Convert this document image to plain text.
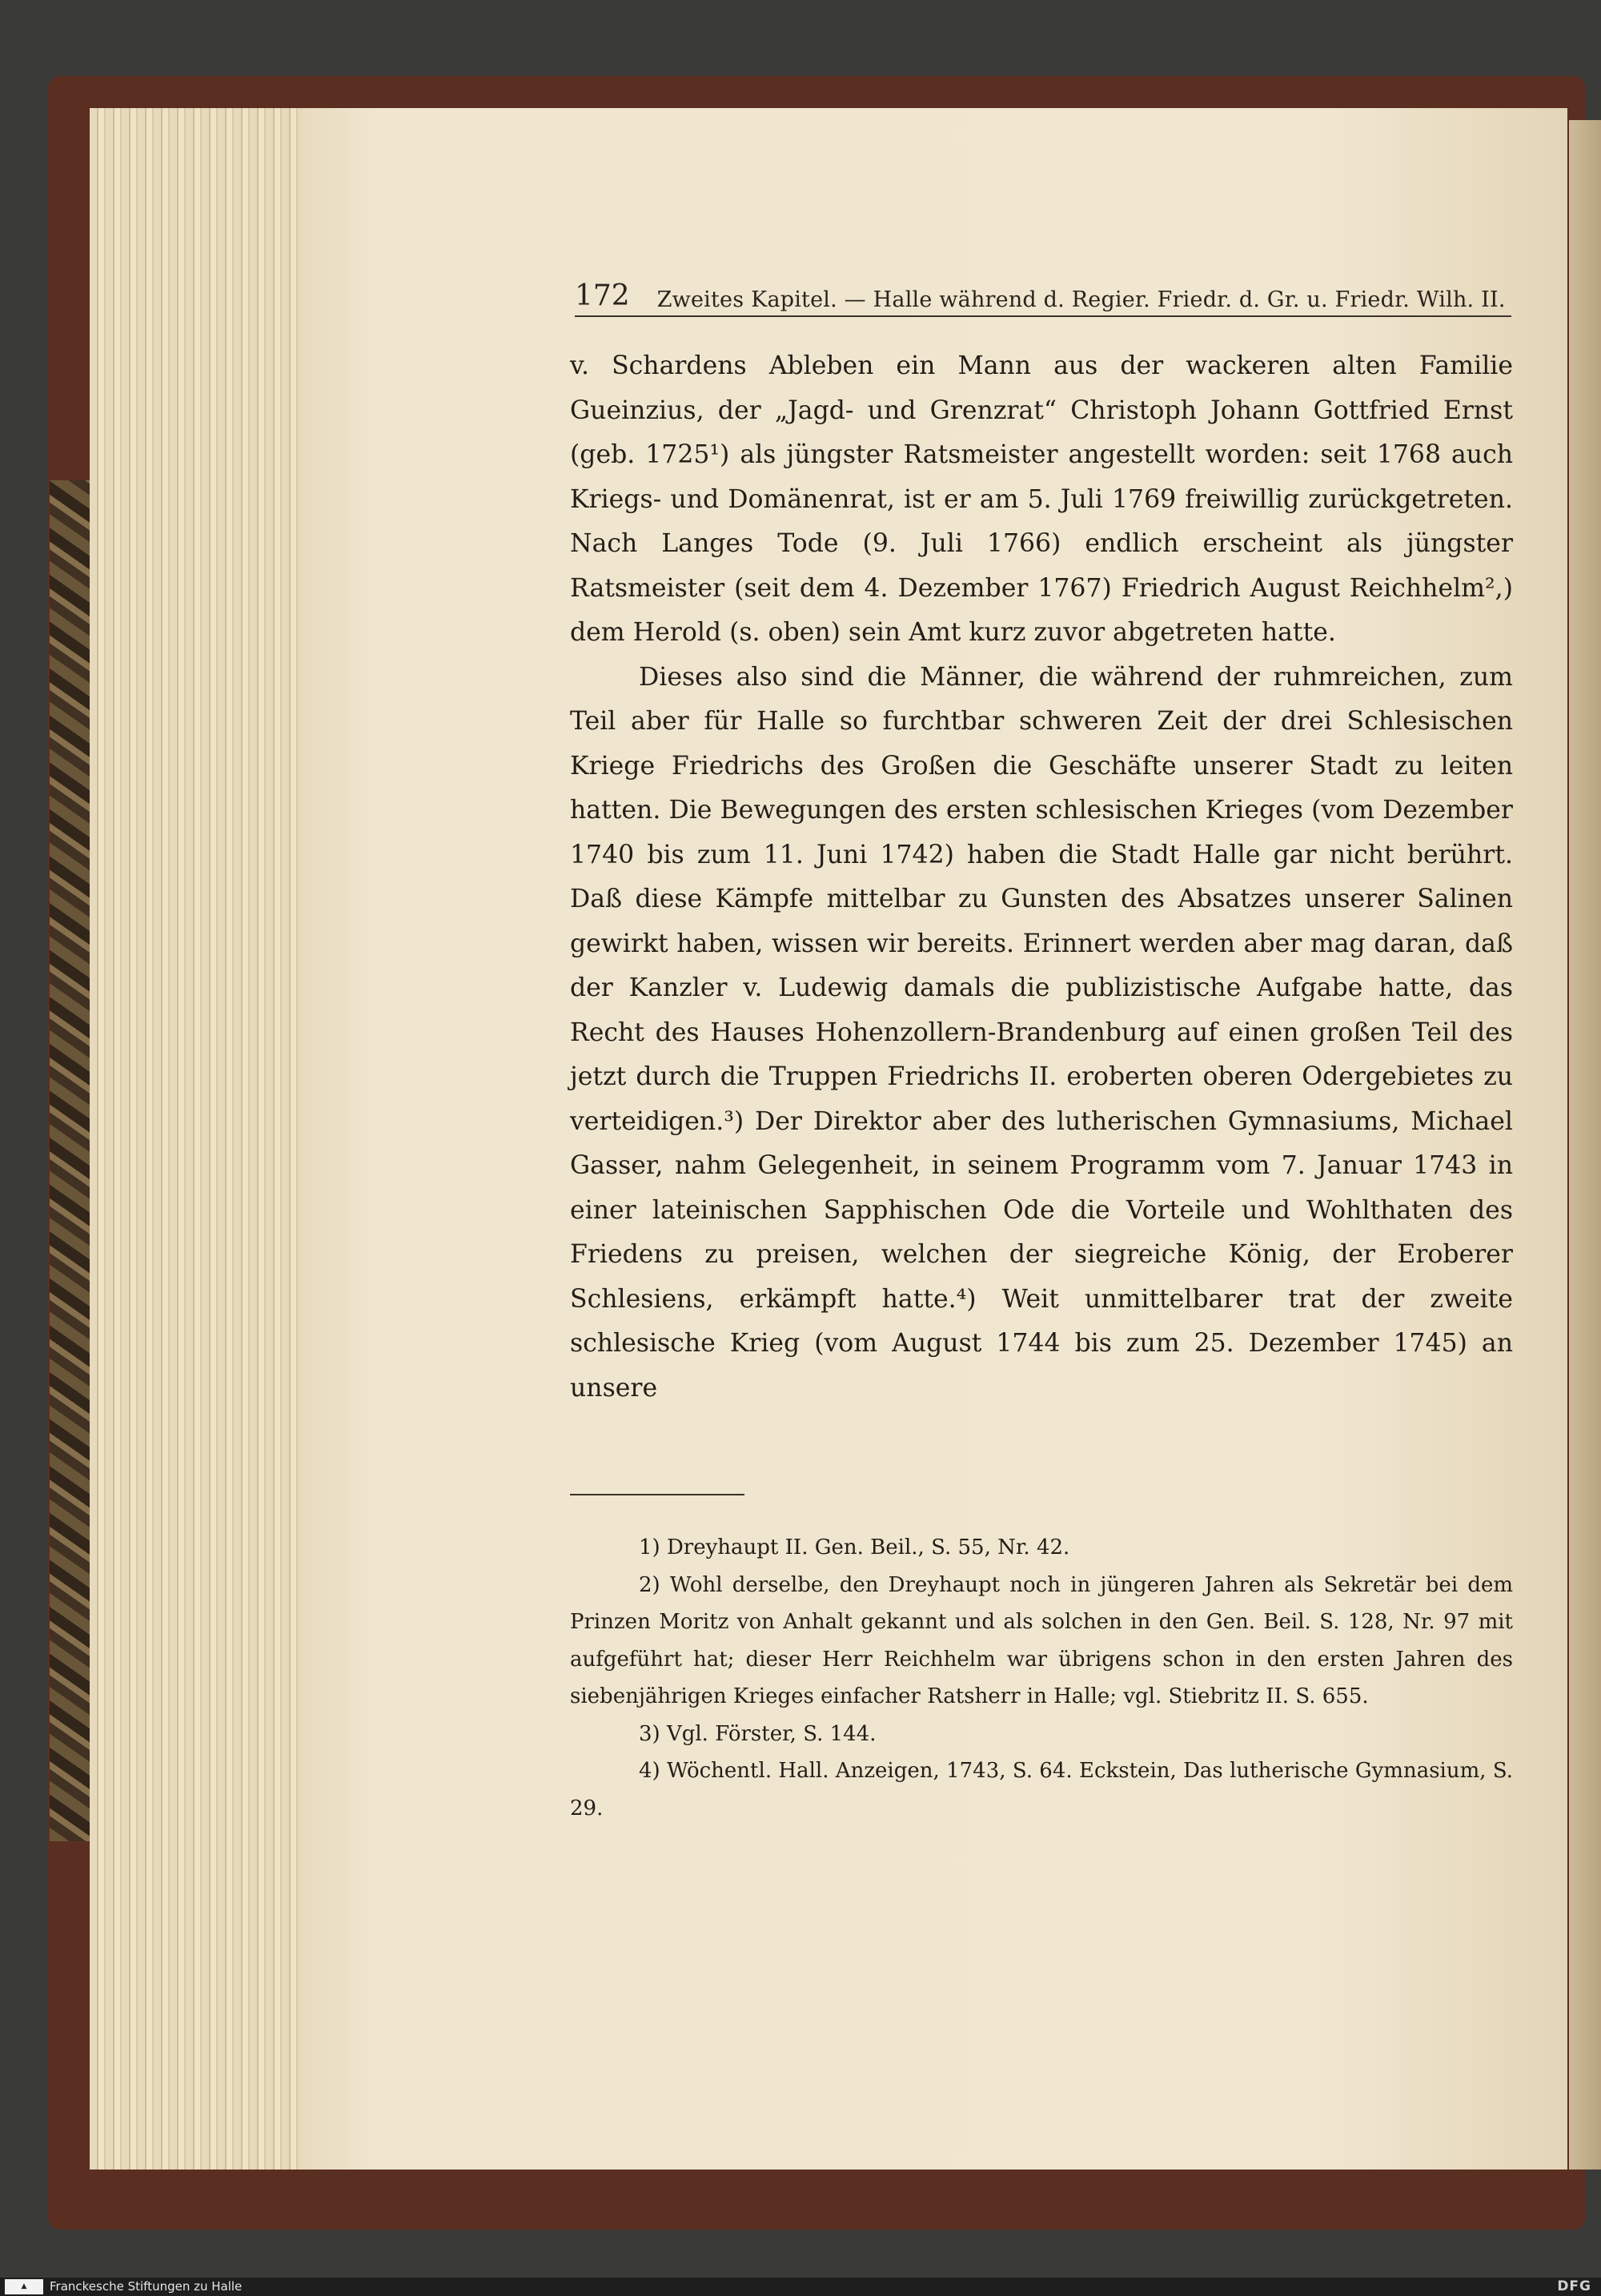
172 Zweites Kapitel. — Halle während d. Regier. Friedr. d. Gr. u. Friedr. Wilh. II.

v. Schardens Ableben ein Mann aus der wackeren alten Familie Gueinzius, der „Jagd- und Grenzrat“ Christoph Johann Gottfried Ernst (geb. 1725¹) als jüngster Ratsmeister angestellt worden: seit 1768 auch Kriegs- und Domänenrat, ist er am 5. Juli 1769 freiwillig zurückgetreten. Nach Langes Tode (9. Juli 1766) endlich erscheint als jüngster Ratsmeister (seit dem 4. Dezember 1767) Friedrich August Reichhelm²,) dem Herold (s. oben) sein Amt kurz zuvor abgetreten hatte.

Dieses also sind die Männer, die während der ruhmreichen, zum Teil aber für Halle so furchtbar schweren Zeit der drei Schlesischen Kriege Friedrichs des Großen die Geschäfte unserer Stadt zu leiten hatten. Die Bewegungen des ersten schlesischen Krieges (vom Dezember 1740 bis zum 11. Juni 1742) haben die Stadt Halle gar nicht berührt. Daß diese Kämpfe mittelbar zu Gunsten des Absatzes unserer Salinen gewirkt haben, wissen wir bereits. Erinnert werden aber mag daran, daß der Kanzler v. Ludewig damals die publizistische Aufgabe hatte, das Recht des Hauses Hohenzollern-Brandenburg auf einen großen Teil des jetzt durch die Truppen Friedrichs II. eroberten oberen Odergebietes zu verteidigen.³) Der Direktor aber des lutherischen Gymnasiums, Michael Gasser, nahm Gelegenheit, in seinem Programm vom 7. Januar 1743 in einer lateinischen Sapphischen Ode die Vorteile und Wohlthaten des Friedens zu preisen, welchen der siegreiche König, der Eroberer Schlesiens, erkämpft hatte.⁴) Weit unmittelbarer trat der zweite schlesische Krieg (vom August 1744 bis zum 25. Dezember 1745) an unsere

1) Dreyhaupt II. Gen. Beil., S. 55, Nr. 42.

2) Wohl derselbe, den Dreyhaupt noch in jüngeren Jahren als Sekretär bei dem Prinzen Moritz von Anhalt gekannt und als solchen in den Gen. Beil. S. 128, Nr. 97 mit aufgeführt hat; dieser Herr Reichhelm war übrigens schon in den ersten Jahren des siebenjährigen Krieges einfacher Ratsherr in Halle; vgl. Stiebritz II. S. 655.

3) Vgl. Förster, S. 144.

4) Wöchentl. Hall. Anzeigen, 1743, S. 64. Eckstein, Das lutherische Gymnasium, S. 29.

▲	Franckesche Stiftungen zu Halle	DFG
